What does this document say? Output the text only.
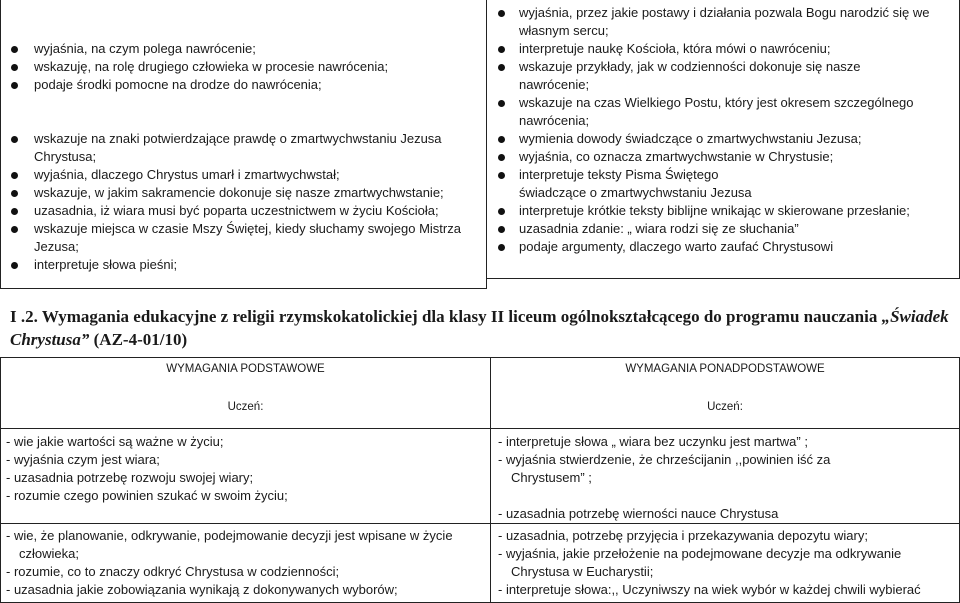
wyjaśnia, na czym polega nawrócenie;
wskazuję, na rolę drugiego człowieka w procesie nawrócenia;
podaje środki pomocne na drodze do nawrócenia;
wskazuje na znaki potwierdzające prawdę o zmartwychwstaniu Jezusa
Chrystusa;
wyjaśnia, dlaczego Chrystus umarł i zmartwychwstał;
wskazuje, w jakim sakramencie dokonuje się nasze zmartwychwstanie;
uzasadnia, iż wiara musi być poparta uczestnictwem w życiu Kościoła;
wskazuje miejsca w czasie Mszy Świętej, kiedy słuchamy swojego Mistrza
Jezusa;
interpretuje słowa pieśni;
wyjaśnia, przez jakie postawy i działania pozwala Bogu narodzić się we
własnym sercu;
interpretuje naukę Kościoła, która mówi o nawróceniu;
wskazuje przykłady, jak w codzienności dokonuje się nasze
nawrócenie;
wskazuje na czas Wielkiego Postu, który jest okresem szczególnego
nawrócenia;
wymienia dowody świadczące o zmartwychwstaniu Jezusa;
wyjaśnia, co oznacza zmartwychwstanie w Chrystusie;
interpretuje teksty Pisma Świętego
świadczące o zmartwychwstaniu Jezusa
interpretuje krótkie teksty biblijne wnikając w skierowane przesłanie;
uzasadnia zdanie: „ wiara rodzi się ze słuchania”
podaje argumenty, dlaczego warto zaufać Chrystusowi
I .2. Wymagania edukacyjne z religii rzymskokatolickiej dla klasy II liceum ogólnokształcącego do programu nauczania „Świadek Chrystusa” (AZ-4-01/10)
WYMAGANIA PODSTAWOWE
Uczeń:
WYMAGANIA PONADPODSTAWOWE
Uczeń:
- wie jakie wartości są ważne w życiu;
- wyjaśnia czym jest wiara;
- uzasadnia potrzebę rozwoju swojej wiary;
- rozumie czego powinien szukać w swoim życiu;
- interpretuje słowa „ wiara bez uczynku jest martwa” ;
- wyjaśnia stwierdzenie, że chrześcijanin ,,powinien iść za
Chrystusem” ;
- uzasadnia potrzebę wierności nauce Chrystusa
- wie, że planowanie, odkrywanie, podejmowanie decyzji jest wpisane w życie
człowieka;
- rozumie, co to znaczy odkryć Chrystusa w codzienności;
- uzasadnia jakie zobowiązania wynikają z dokonywanych wyborów;
- uzasadnia, potrzebę przyjęcia i przekazywania depozytu wiary;
- wyjaśnia, jakie przełożenie na podejmowane decyzje ma odkrywanie
Chrystusa w Eucharystii;
- interpretuje słowa:,, Uczyniwszy na wiek wybór w każdej chwili wybierać
